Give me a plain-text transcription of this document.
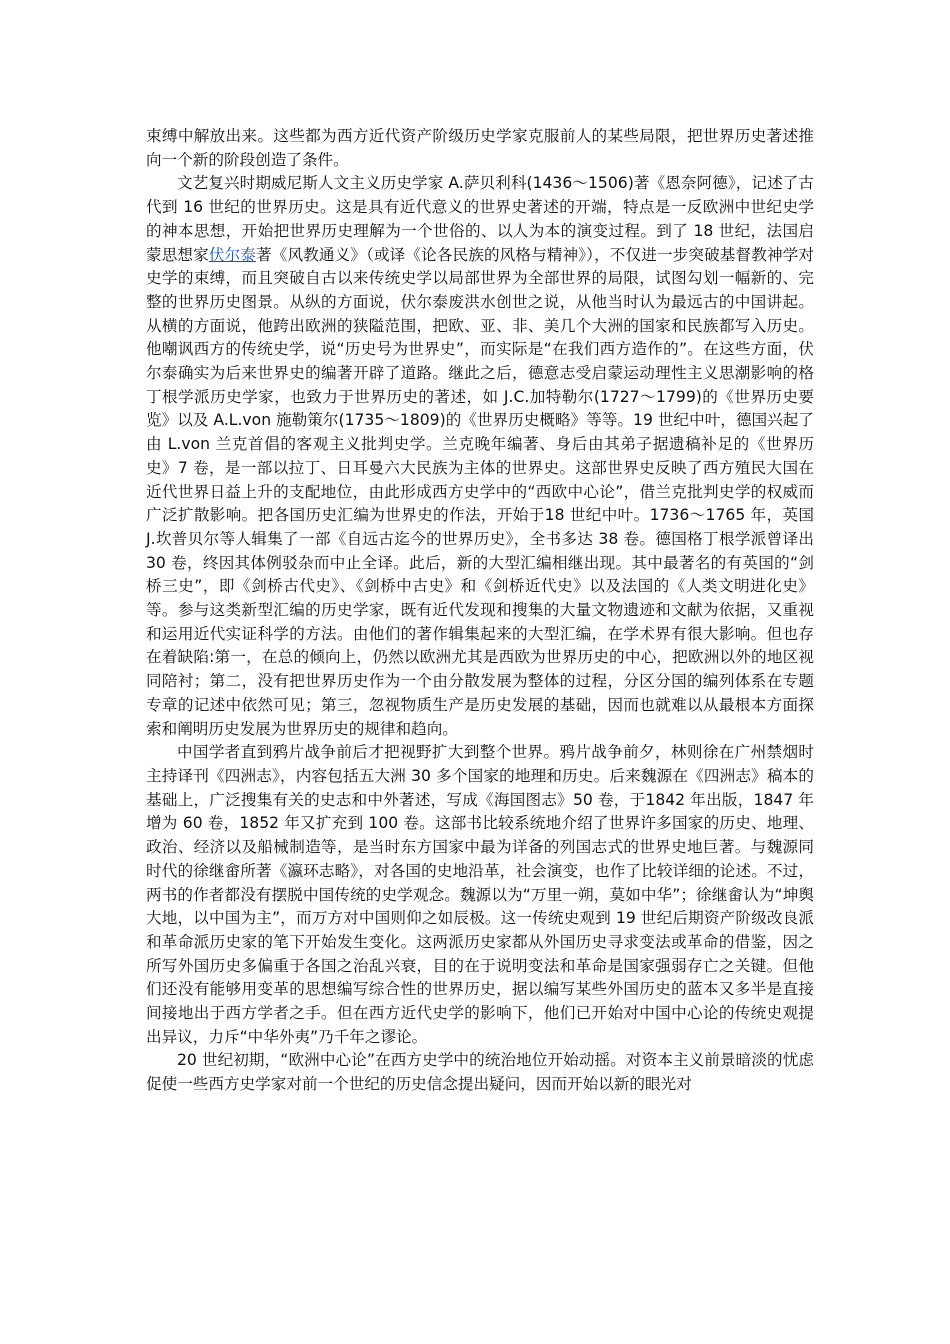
束缚中解放出来。这些都为西方近代资产阶级历史学家克服前人的某些局限，把世界历史著述推向一个新的阶段创造了条件。

文艺复兴时期威尼斯人文主义历史学家 A.萨贝利科(1436～1506)著《恩奈阿德》，记述了古代到 16 世纪的世界历史。这是具有近代意义的世界史著述的开端，特点是一反欧洲中世纪史学的神本思想，开始把世界历史理解为一个世俗的、以人为本的演变过程。到了 18 世纪，法国启蒙思想家伏尔泰著《风教通义》（或译《论各民族的风格与精神》），不仅进一步突破基督教神学对史学的束缚，而且突破自古以来传统史学以局部世界为全部世界的局限，试图勾划一幅新的、完整的世界历史图景。从纵的方面说，伏尔泰废洪水创世之说，从他当时认为最远古的中国讲起。从横的方面说，他跨出欧洲的狭隘范围，把欧、亚、非、美几个大洲的国家和民族都写入历史。他嘲讽西方的传统史学，说“历史号为世界史”，而实际是“在我们西方造作的”。在这些方面，伏尔泰确实为后来世界史的编著开辟了道路。继此之后，德意志受启蒙运动理性主义思潮影响的格丁根学派历史学家，也致力于世界历史的著述，如 J.C.加特勒尔(1727～1799)的《世界历史要览》以及 A.L.von 施勒策尔(1735～1809)的《世界历史概略》等等。19 世纪中叶，德国兴起了由 L.von 兰克首倡的客观主义批判史学。兰克晚年编著、身后由其弟子据遗稿补足的《世界历史》7 卷，是一部以拉丁、日耳曼六大民族为主体的世界史。这部世界史反映了西方殖民大国在近代世界日益上升的支配地位，由此形成西方史学中的“西欧中心论”，借兰克批判史学的权威而广泛扩散影响。把各国历史汇编为世界史的作法，开始于18 世纪中叶。1736～1765 年，英国 J.坎普贝尔等人辑集了一部《自远古迄今的世界历史》，全书多达 38 卷。德国格丁根学派曾译出 30 卷，终因其体例驳杂而中止全译。此后，新的大型汇编相继出现。其中最著名的有英国的“剑桥三史”，即《剑桥古代史》、《剑桥中古史》和《剑桥近代史》以及法国的《人类文明进化史》等。参与这类新型汇编的历史学家，既有近代发现和搜集的大量文物遗迹和文献为依据，又重视和运用近代实证科学的方法。由他们的著作辑集起来的大型汇编，在学术界有很大影响。但也存在着缺陷:第一，在总的倾向上，仍然以欧洲尤其是西欧为世界历史的中心，把欧洲以外的地区视同陪衬；第二，没有把世界历史作为一个由分散发展为整体的过程，分区分国的编列体系在专题专章的记述中依然可见；第三，忽视物质生产是历史发展的基础，因而也就难以从最根本方面探索和阐明历史发展为世界历史的规律和趋向。

中国学者直到鸦片战争前后才把视野扩大到整个世界。鸦片战争前夕，林则徐在广州禁烟时主持译刊《四洲志》，内容包括五大洲 30 多个国家的地理和历史。后来魏源在《四洲志》稿本的基础上，广泛搜集有关的史志和中外著述，写成《海国图志》50 卷，于1842 年出版，1847 年增为 60 卷，1852 年又扩充到 100 卷。这部书比较系统地介绍了世界许多国家的历史、地理、政治、经济以及船械制造等，是当时东方国家中最为详备的列国志式的世界史地巨著。与魏源同时代的徐继畲所著《瀛环志略》，对各国的史地沿革，社会演变，也作了比较详细的论述。不过，两书的作者都没有摆脱中国传统的史学观念。魏源以为“万里一朔，莫如中华”；徐继畲认为“坤舆大地，以中国为主”，而万方对中国则仰之如辰极。这一传统史观到 19 世纪后期资产阶级改良派和革命派历史家的笔下开始发生变化。这两派历史家都从外国历史寻求变法或革命的借鉴，因之所写外国历史多偏重于各国之治乱兴衰，目的在于说明变法和革命是国家强弱存亡之关键。但他们还没有能够用变革的思想编写综合性的世界历史，据以编写某些外国历史的蓝本又多半是直接间接地出于西方学者之手。但在西方近代史学的影响下，他们已开始对中国中心论的传统史观提出异议，力斥“中华外夷”乃千年之谬论。

20 世纪初期，“欧洲中心论”在西方史学中的统治地位开始动摇。对资本主义前景暗淡的忧虑促使一些西方史学家对前一个世纪的历史信念提出疑问，因而开始以新的眼光对
